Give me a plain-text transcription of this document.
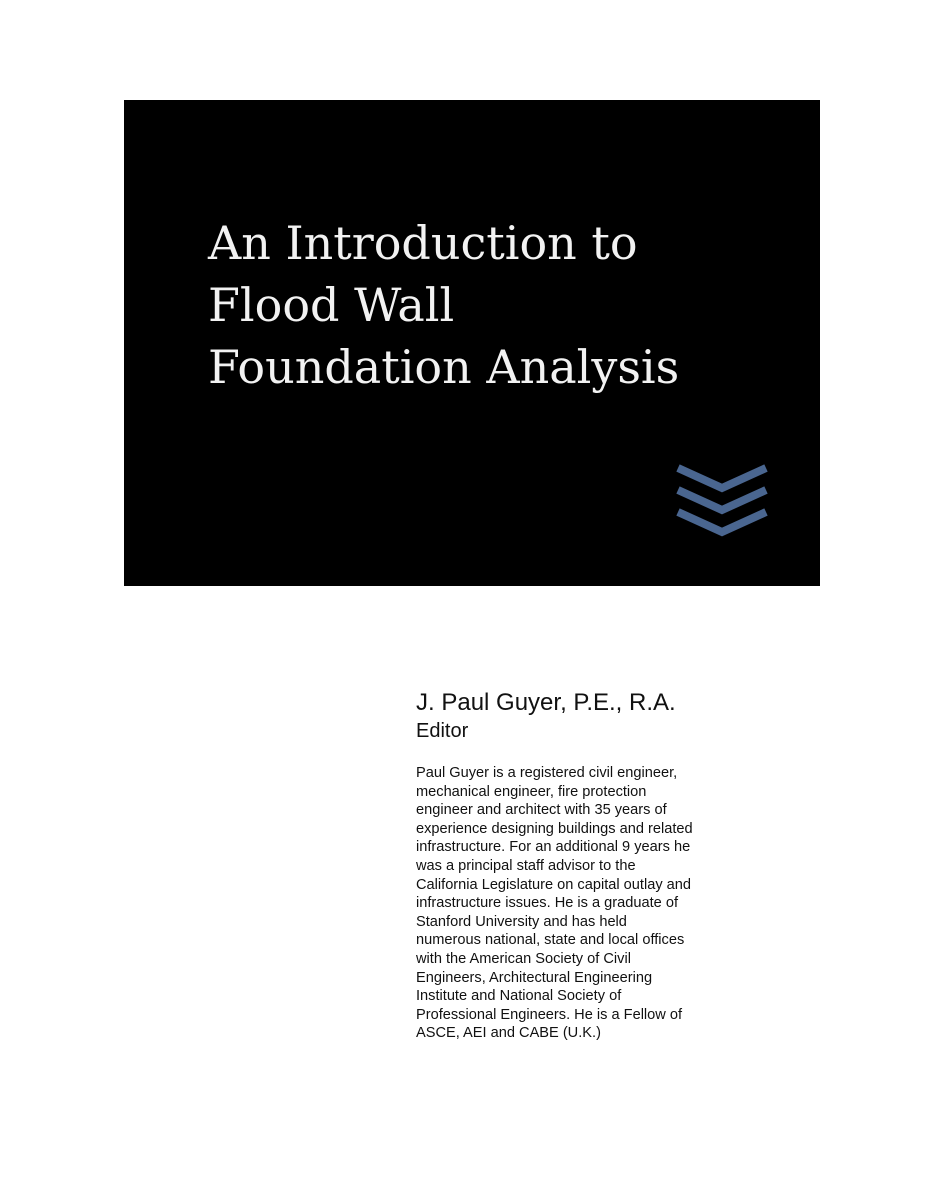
An Introduction to
Flood Wall
Foundation Analysis
J. Paul Guyer, P.E., R.A.
Editor
Paul Guyer is a registered civil engineer,
mechanical engineer, fire protection
engineer and architect with 35 years of
experience designing buildings and related
infrastructure. For an additional 9 years he
was a principal staff advisor to the
California Legislature on capital outlay and
infrastructure issues. He is a graduate of
Stanford University and has held
numerous national, state and local offices
with the American Society of Civil
Engineers, Architectural Engineering
Institute and National Society of
Professional Engineers. He is a Fellow of
ASCE, AEI and CABE (U.K.)
